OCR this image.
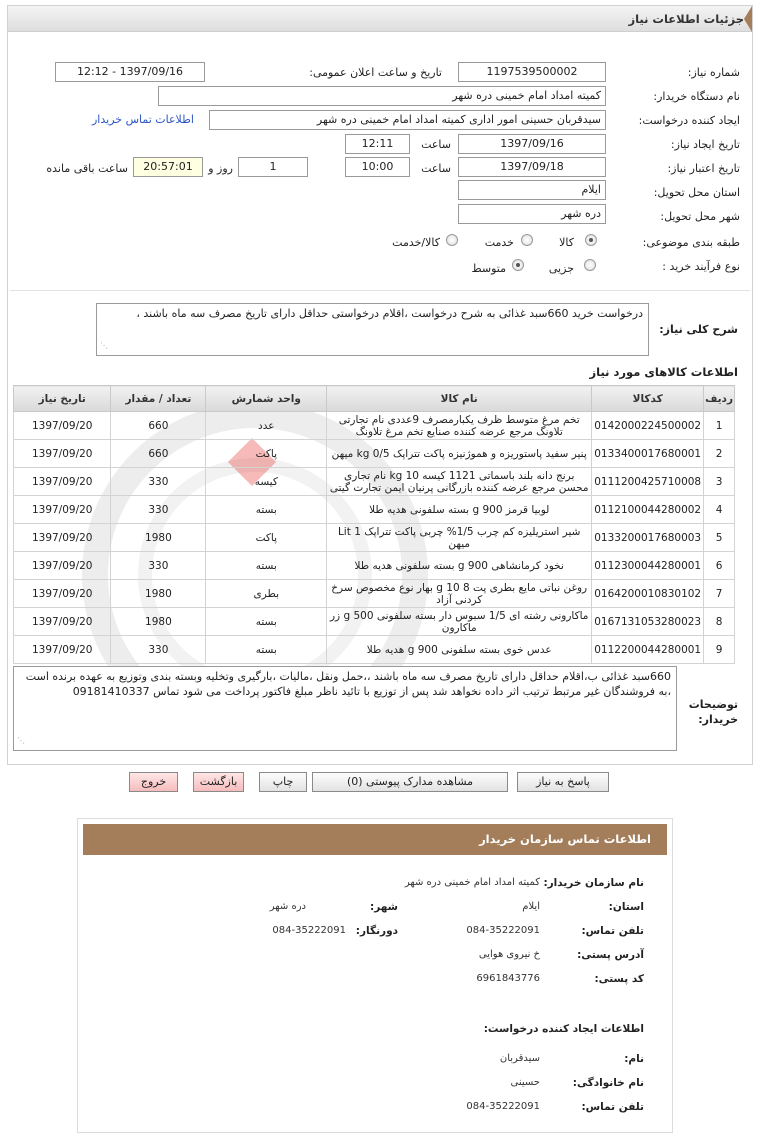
جزئیات اطلاعات نیاز
شماره نیاز:
1197539500002
تاریخ و ساعت اعلان عمومی:
1397/09/16 - 12:12
نام دستگاه خریدار:
کمیته امداد امام خمینی دره شهر
ایجاد کننده درخواست:
سیدقربان حسینی امور اداری کمیته امداد امام خمینی دره شهر
اطلاعات تماس خریدار
تاریخ ایجاد نیاز:
1397/09/16
ساعت
12:11
تاریخ اعتبار نیاز:
1397/09/18
ساعت
10:00
1
روز و
20:57:01
ساعت باقی مانده
استان محل تحویل:
ایلام
شهر محل تحویل:
دره شهر
طبقه بندی موضوعی:
کالا
خدمت
کالا/خدمت
نوع فرآیند خرید :
جزیی
متوسط
شرح کلی نیاز:
درخواست خرید 660سبد غذائی به شرح درخواست ،اقلام درخواستی حداقل دارای تاریخ مصرف سه ماه باشند ،
⋰
اطلاعات کالاهای مورد نیاز
ردیف	کدکالا	نام کالا	واحد شمارش	تعداد / مقدار	تاریخ نیاز
1	0142000224500002	تخم مرغ متوسط ظرف یکبارمصرف 9عددی نام تجارتی تلاونگ مرجع عرضه کننده صنایع تخم مرغ تلاونگ	عدد	660	1397/09/20
2	0133400017680001	پنیر سفید پاستوریزه و هموژنیزه پاکت تتراپک 0/5 kg میهن	پاکت	660	1397/09/20
3	0111200425710008	برنج دانه بلند باسماتی 1121 کیسه 10 kg نام تجاری محسن مرجع عرضه کننده بازرگانی پرنیان ایمن تجارت گیتی	کیسه	330	1397/09/20
4	0112100044280002	لوبیا قرمز 900 g بسته سلفونی هدیه طلا	بسته	330	1397/09/20
5	0133200017680003	شیر استریلیزه کم چرب 1/5% چربی پاکت تتراپک 1 Lit میهن	پاکت	1980	1397/09/20
6	0112300044280001	نخود کرمانشاهی 900 g بسته سلفونی هدیه طلا	بسته	330	1397/09/20
7	0164200010830102	روغن نباتی مایع بطری پت 8 10 g بهار نوع مخصوص سرخ کردنی آزاد	بطری	1980	1397/09/20
8	0167131053280023	ماکارونی رشته ای 1/5 سبوس دار بسته سلفونی 500 g زر ماکارون	بسته	1980	1397/09/20
9	0112200044280001	عدس خوی بسته سلفونی 900 g هدیه طلا	بسته	330	1397/09/20
توضیحات خریدار:
660سبد غذائی ب،اقلام حداقل دارای تاریخ مصرف سه ماه باشند ،،حمل ونقل ،مالیات ،بارگیری وتخلیه وبسته بندی وتوزیع به عهده برنده است ،به فروشندگان غیر مرتبط ترتیب اثر داده نخواهد شد پس از توزیع با تائید ناظر مبلغ فاکتور پرداخت می شود تماس 09181410337
⋰
پاسخ به نیاز
مشاهده مدارک پیوستی (0)
چاپ
بازگشت
خروج
اطلاعات تماس سازمان خریدار
نام سازمان خریدار:
کمیته امداد امام خمینی دره شهر
استان:
ایلام
شهر:
دره شهر
تلفن تماس:
084-35222091
دورنگار:
084-35222091
آدرس پستی:
خ نیروی هوایی
کد پستی:
6961843776
اطلاعات ایجاد کننده درخواست:
نام:
سیدقربان
نام خانوادگی:
حسینی
تلفن تماس:
084-35222091
